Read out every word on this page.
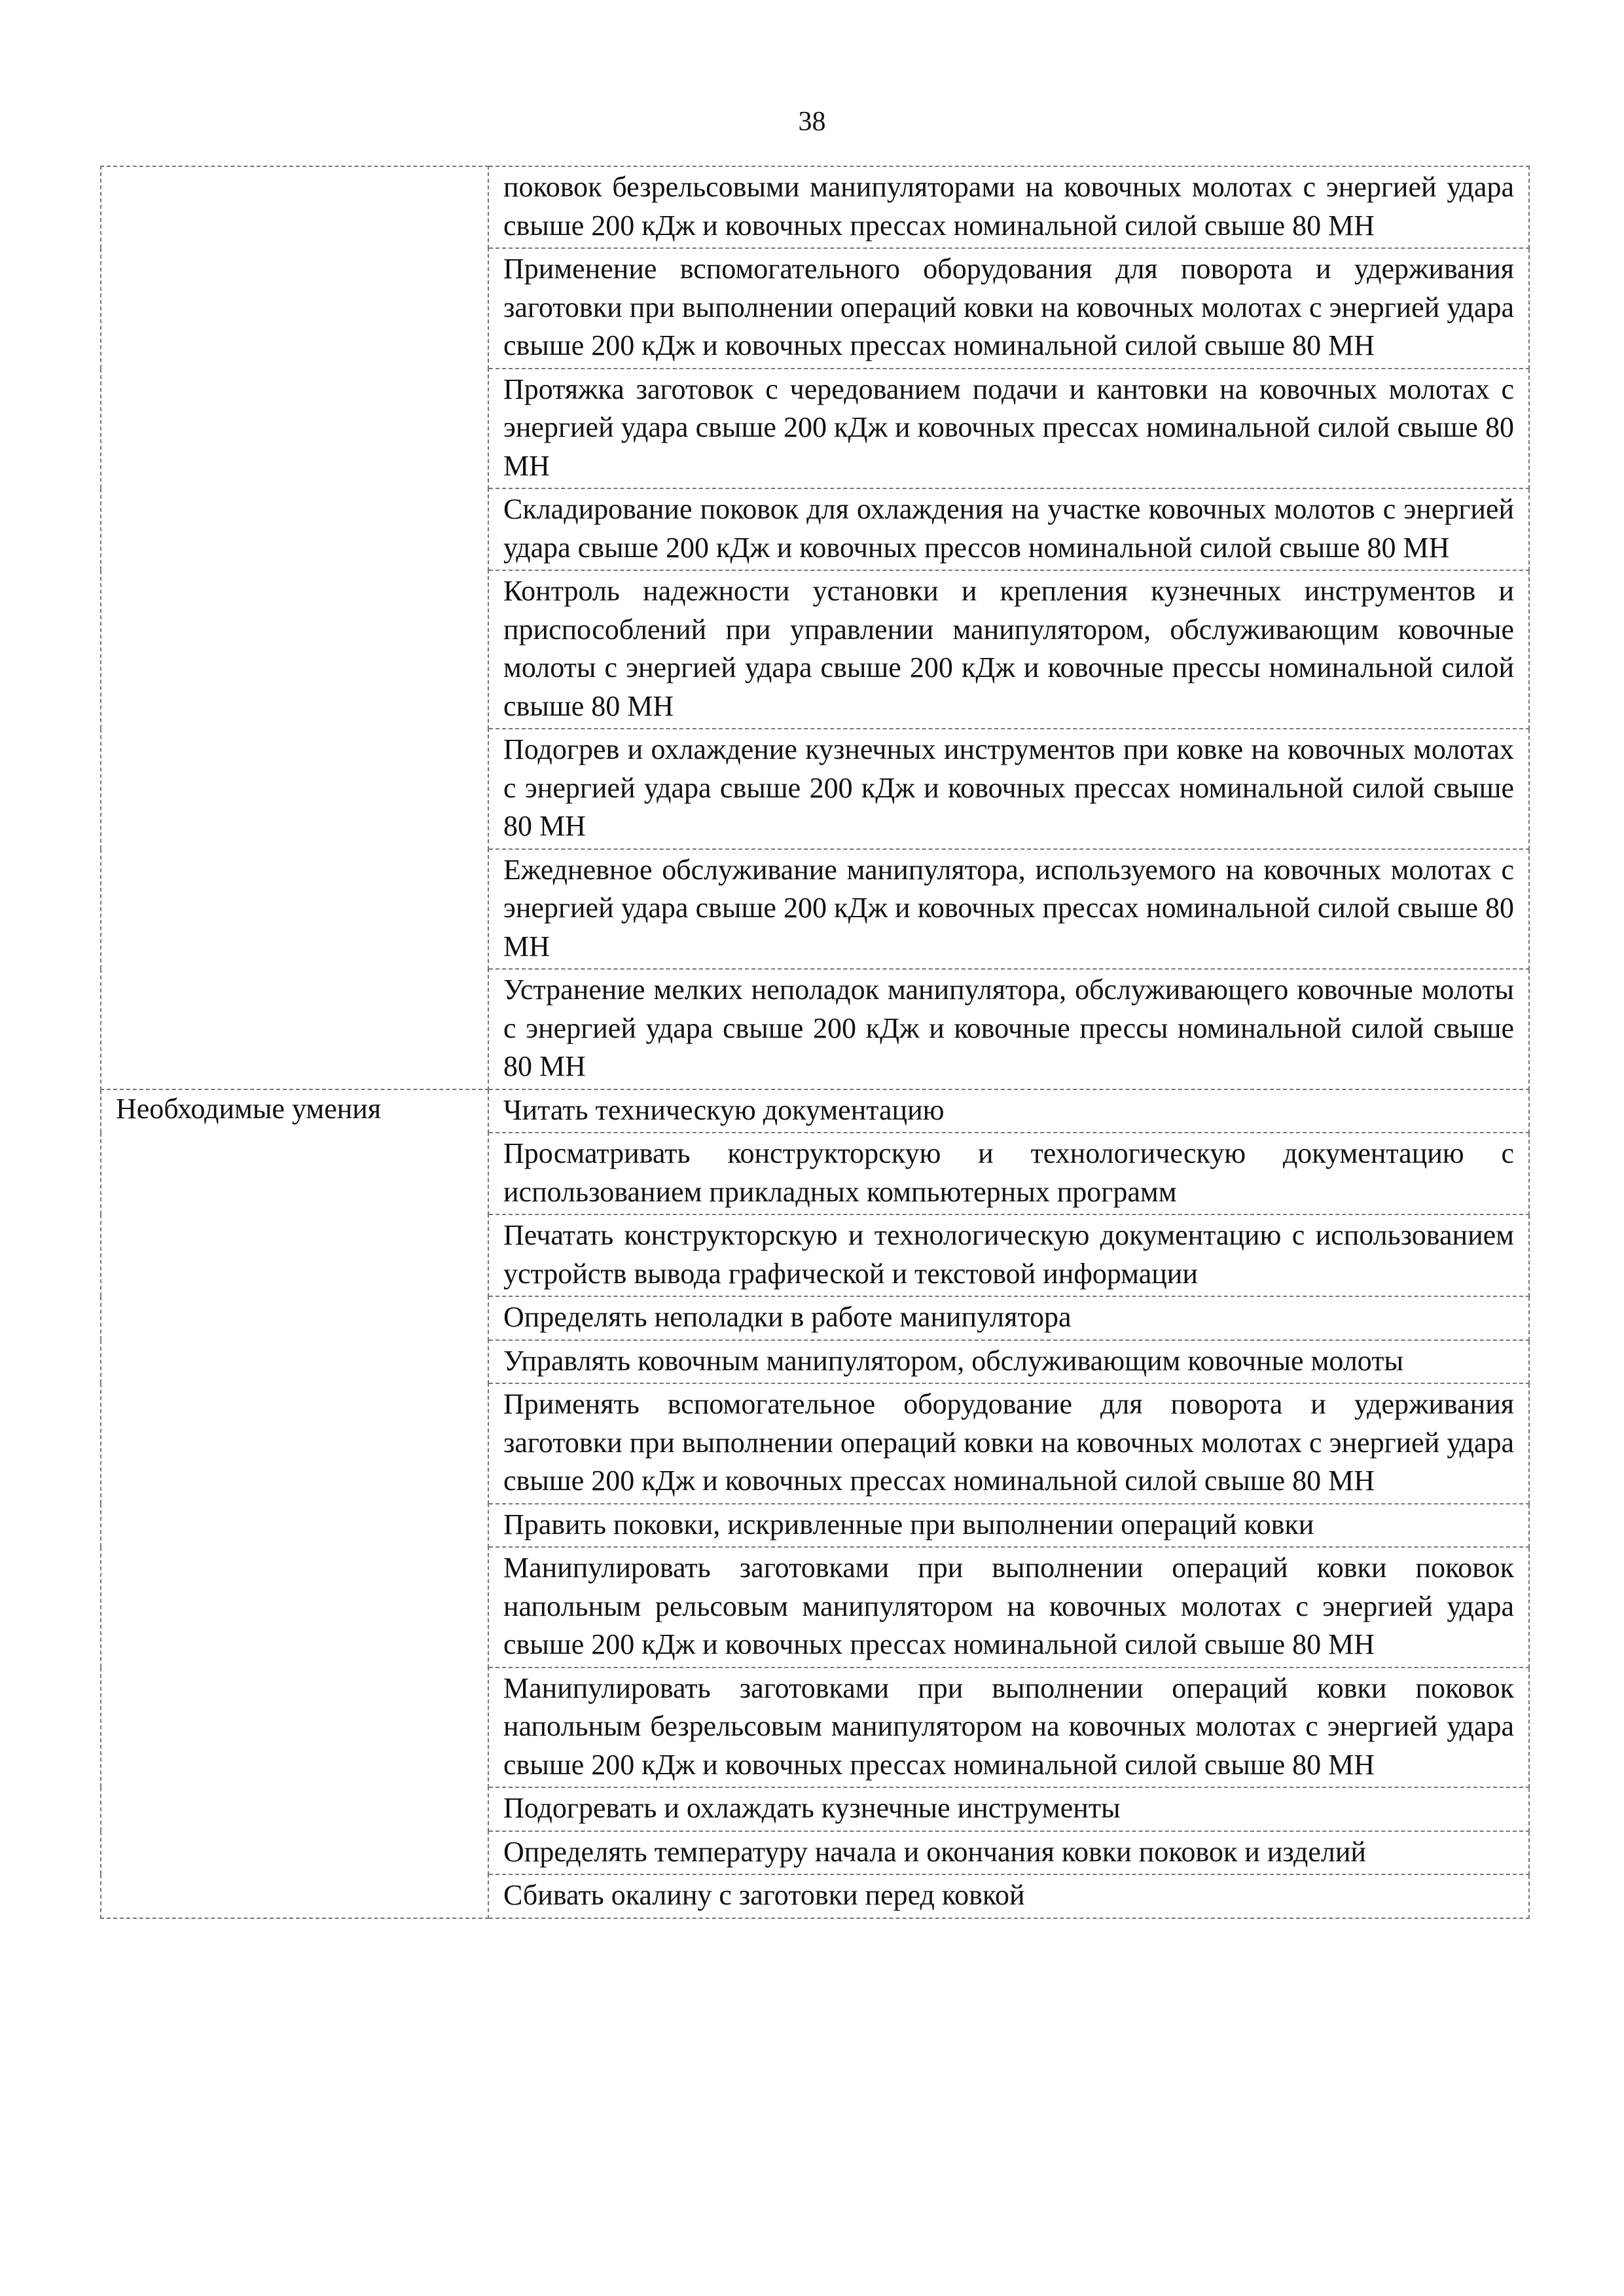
38
	поковок безрельсовыми манипуляторами на ковочных молотах с энергией удара свыше 200 кДж и ковочных прессах номинальной силой свыше 80 МН
	Применение вспомогательного оборудования для поворота и удерживания заготовки при выполнении операций ковки на ковочных молотах с энергией удара свыше 200 кДж и ковочных прессах номинальной силой свыше 80 МН
	Протяжка заготовок с чередованием подачи и кантовки на ковочных молотах с энергией удара свыше 200 кДж и ковочных прессах номинальной силой свыше 80 МН
	Складирование поковок для охлаждения на участке ковочных молотов с энергией удара свыше 200 кДж и ковочных прессов номинальной силой свыше 80 МН
	Контроль надежности установки и крепления кузнечных инструментов и приспособлений при управлении манипулятором, обслуживающим ковочные молоты с энергией удара свыше 200 кДж и ковочные прессы номинальной силой свыше 80 МН
	Подогрев и охлаждение кузнечных инструментов при ковке на ковочных молотах с энергией удара свыше 200 кДж и ковочных прессах номинальной силой свыше 80 МН
	Ежедневное обслуживание манипулятора, используемого на ковочных молотах с энергией удара свыше 200 кДж и ковочных прессах номинальной силой свыше 80 МН
	Устранение мелких неполадок манипулятора, обслуживающего ковочные молоты с энергией удара свыше 200 кДж и ковочные прессы номинальной силой свыше 80 МН
Необходимые умения	Читать техническую документацию
	Просматривать конструкторскую и технологическую документацию с использованием прикладных компьютерных программ
	Печатать конструкторскую и технологическую документацию с использованием устройств вывода графической и текстовой информации
	Определять неполадки в работе манипулятора
	Управлять ковочным манипулятором, обслуживающим ковочные молоты
	Применять вспомогательное оборудование для поворота и удерживания заготовки при выполнении операций ковки на ковочных молотах с энергией удара свыше 200 кДж и ковочных прессах номинальной силой свыше 80 МН
	Править поковки, искривленные при выполнении операций ковки
	Манипулировать заготовками при выполнении операций ковки поковок напольным рельсовым манипулятором на ковочных молотах с энергией удара свыше 200 кДж и ковочных прессах номинальной силой свыше 80 МН
	Манипулировать заготовками при выполнении операций ковки поковок напольным безрельсовым манипулятором на ковочных молотах с энергией удара свыше 200 кДж и ковочных прессах номинальной силой свыше 80 МН
	Подогревать и охлаждать кузнечные инструменты
	Определять температуру начала и окончания ковки поковок и изделий
	Сбивать окалину с заготовки перед ковкой
